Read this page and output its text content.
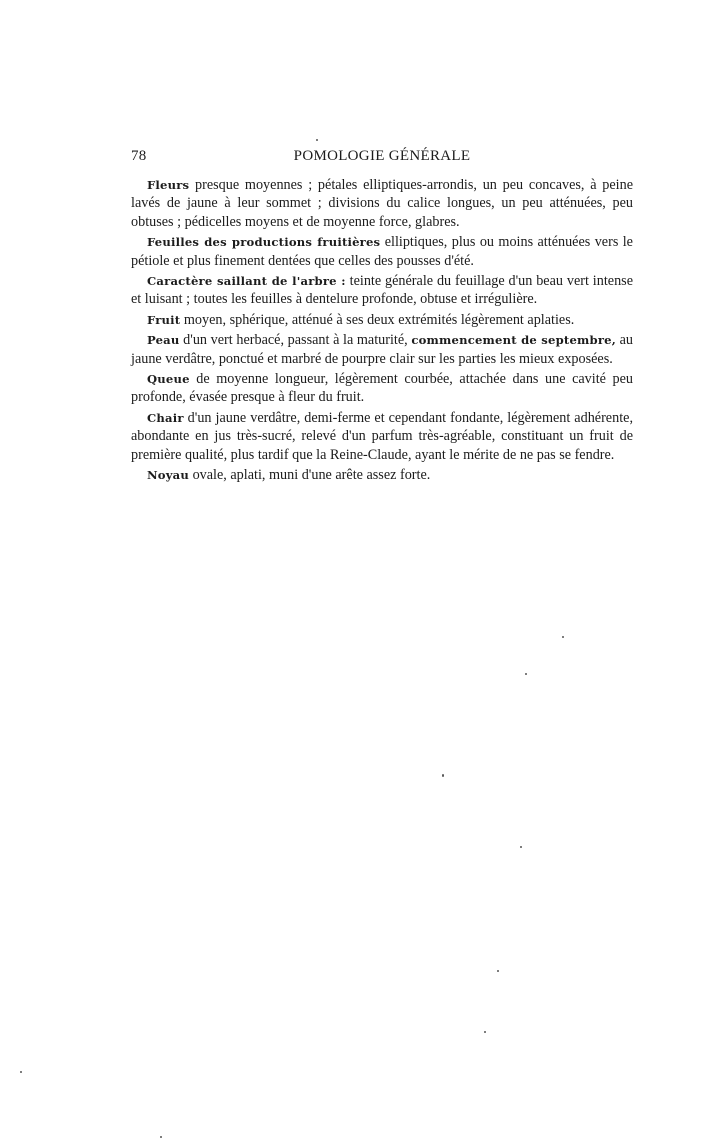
78	POMOLOGIE GÉNÉRALE

Fleurs presque moyennes ; pétales elliptiques-arrondis, un peu concaves, à peine lavés de jaune à leur sommet ; divisions du calice longues, un peu atténuées, peu obtuses ; pédicelles moyens et de moyenne force, glabres.

Feuilles des productions fruitières elliptiques, plus ou moins atténuées vers le pétiole et plus finement dentées que celles des pousses d'été.

Caractère saillant de l'arbre : teinte générale du feuillage d'un beau vert intense et luisant ; toutes les feuilles à dentelure profonde, obtuse et irrégulière.

Fruit moyen, sphérique, atténué à ses deux extrémités légèrement aplaties.

Peau d'un vert herbacé, passant à la maturité, commencement de septembre, au jaune verdâtre, ponctué et marbré de pourpre clair sur les parties les mieux exposées.

Queue de moyenne longueur, légèrement courbée, attachée dans une cavité peu profonde, évasée presque à fleur du fruit.

Chair d'un jaune verdâtre, demi-ferme et cependant fondante, légèrement adhérente, abondante en jus très-sucré, relevé d'un parfum très-agréable, constituant un fruit de première qualité, plus tardif que la Reine-Claude, ayant le mérite de ne pas se fendre.

Noyau ovale, aplati, muni d'une arête assez forte.
